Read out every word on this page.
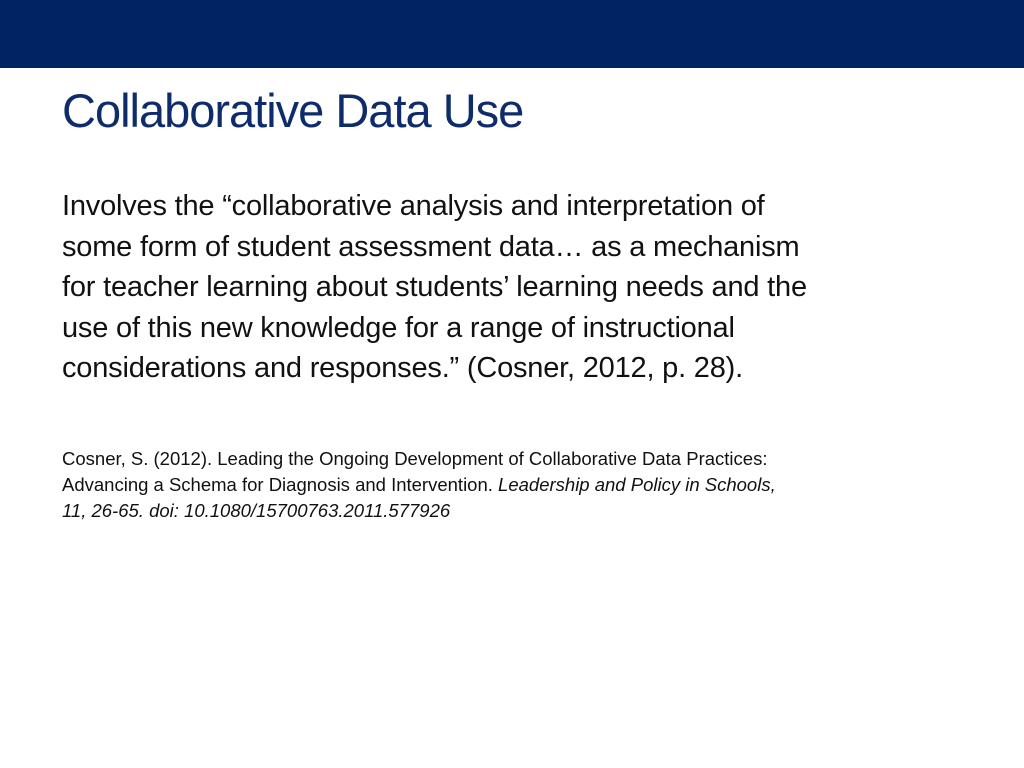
Collaborative Data Use
Involves the “collaborative analysis and interpretation of
some form of student assessment data… as a mechanism
for teacher learning about students’ learning needs and the
use of this new knowledge for a range of instructional
considerations and responses.” (Cosner, 2012, p. 28).
Cosner, S. (2012). Leading the Ongoing Development of Collaborative Data Practices:
Advancing a Schema for Diagnosis and Intervention. Leadership and Policy in Schools,
11, 26-65. doi: 10.1080/15700763.2011.577926
